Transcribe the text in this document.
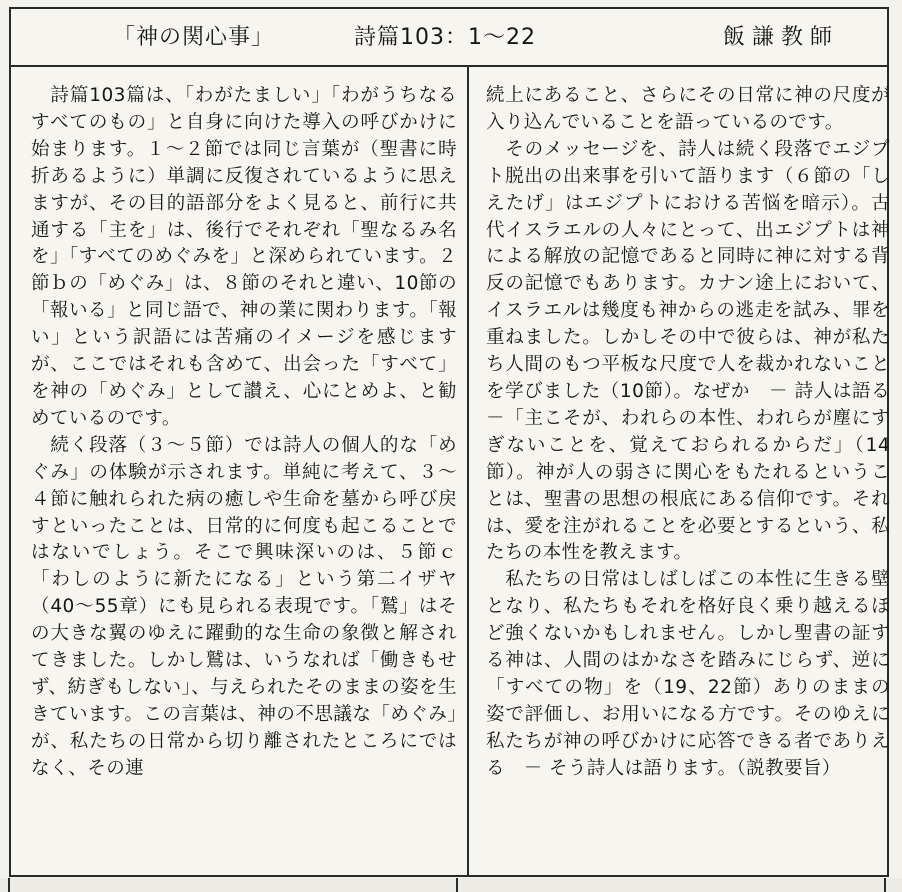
「神の関心事」	詩篇103：1〜22	飯謙教師

　詩篇103篇は、「わがたましい」「わがうちなるすべてのもの」と自身に向けた導入の呼びかけに始まります。１〜２節では同じ言葉が（聖書に時折あるように）単調に反復されているように思えますが、その目的語部分をよく見ると、前行に共通する「主を」は、後行でそれぞれ「聖なるみ名を」「すべてのめぐみを」と深められています。２節ｂの「めぐみ」は、８節のそれと違い、10節の「報いる」と同じ語で、神の業に関わります。「報い」という訳語には苦痛のイメージを感じますが、ここではそれも含めて、出会った「すべて」を神の「めぐみ」として讃え、心にとめよ、と勧めているのです。

　続く段落（３〜５節）では詩人の個人的な「めぐみ」の体験が示されます。単純に考えて、３〜４節に触れられた病の癒しや生命を墓から呼び戻すといったことは、日常的に何度も起こることではないでしょう。そこで興味深いのは、５節ｃ「わしのように新たになる」という第二イザヤ（40〜55章）にも見られる表現です。「鷲」はその大きな翼のゆえに躍動的な生命の象徴と解されてきました。しかし鷲は、いうなれば「働きもせず、紡ぎもしない」、与えられたそのままの姿を生きています。この言葉は、神の不思議な「めぐみ」が、私たちの日常から切り離されたところにではなく、その連

続上にあること、さらにその日常に神の尺度が入り込んでいることを語っているのです。

　そのメッセージを、詩人は続く段落でエジプト脱出の出来事を引いて語ります（６節の「しえたげ」はエジプトにおける苦悩を暗示）。古代イスラエルの人々にとって、出エジプトは神による解放の記憶であると同時に神に対する背反の記憶でもあります。カナン途上において、イスラエルは幾度も神からの逃走を試み、罪を重ねました。しかしその中で彼らは、神が私たち人間のもつ平板な尺度で人を裁かれないことを学びました（10節）。なぜか　－ 詩人は語る －「主こそが、われらの本性、われらが塵にすぎないことを、覚えておられるからだ」（14節）。神が人の弱さに関心をもたれるということは、聖書の思想の根底にある信仰です。それは、愛を注がれることを必要とするという、私たちの本性を教えます。

　私たちの日常はしばしばこの本性に生きる壁となり、私たちもそれを格好良く乗り越えるほど強くないかもしれません。しかし聖書の証する神は、人間のはかなさを踏みにじらず、逆に「すべての物」を（19、22節）ありのままの姿で評価し、お用いになる方です。そのゆえに私たちが神の呼びかけに応答できる者でありえる　－ そう詩人は語ります。（説教要旨）
